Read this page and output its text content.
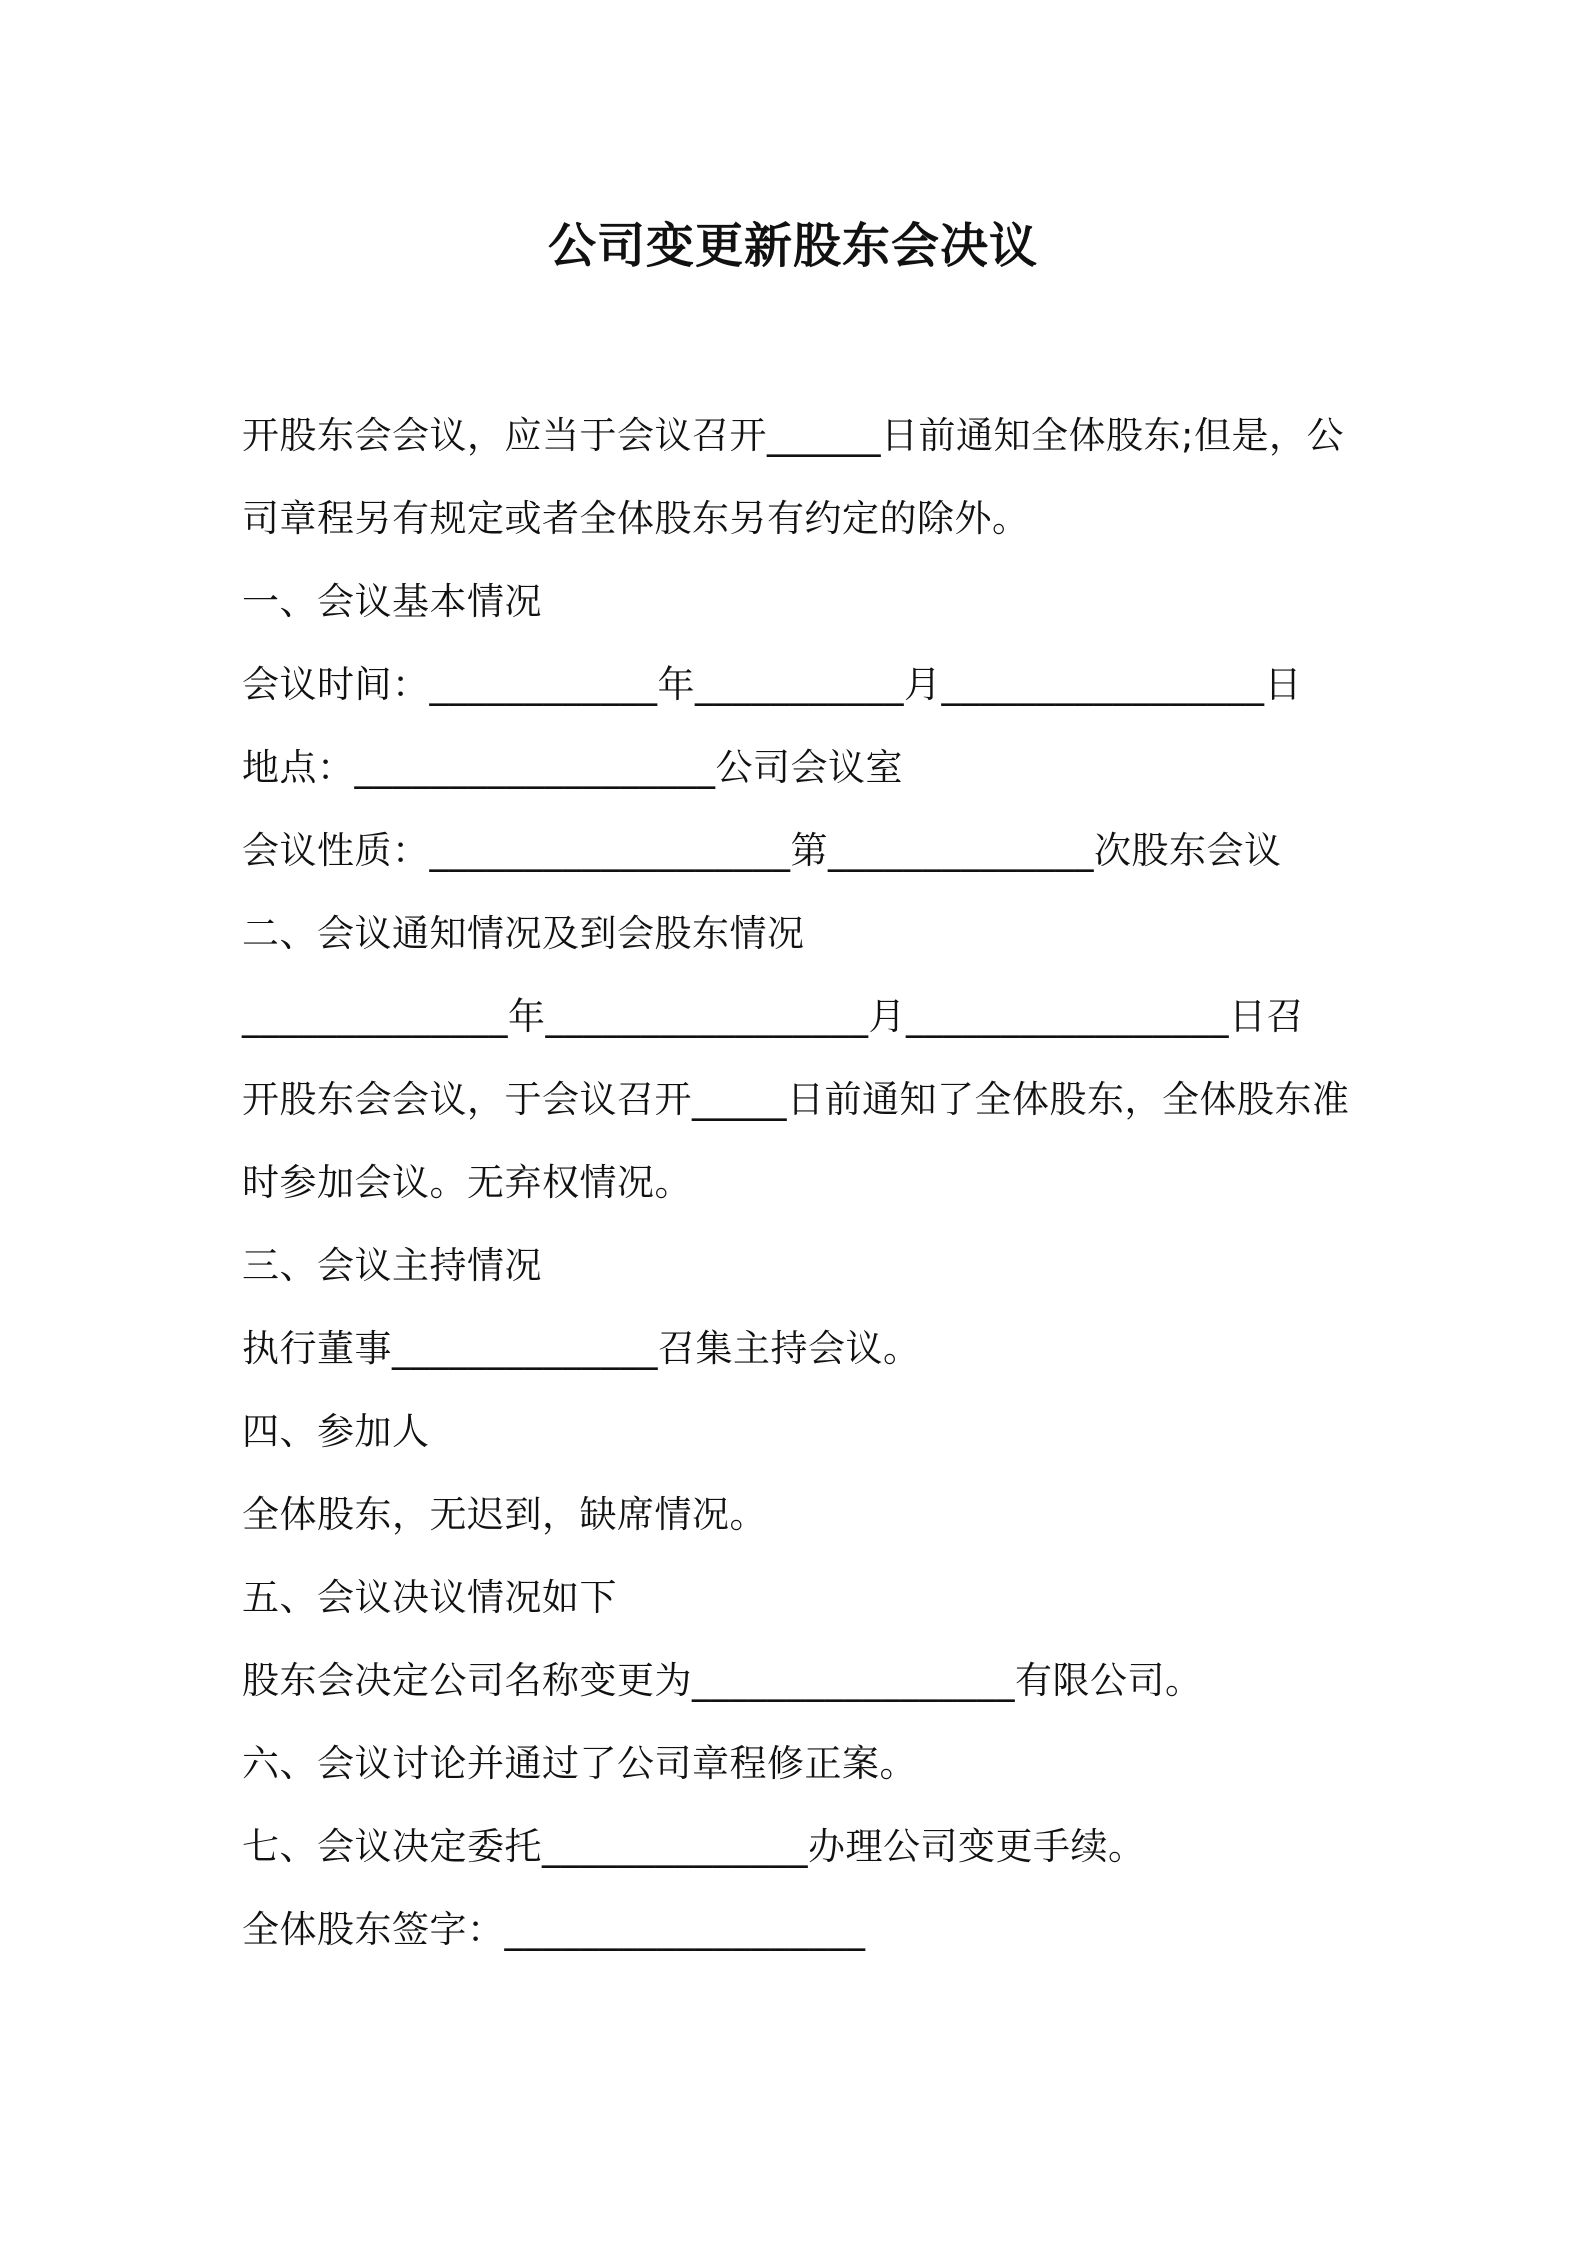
公司变更新股东会决议
开股东会会议，应当于会议召开______日前通知全体股东;但是，公
司章程另有规定或者全体股东另有约定的除外。
一、会议基本情况
会议时间：____________年___________月_________________日
地点：___________________公司会议室
会议性质：___________________第______________次股东会议
二、会议通知情况及到会股东情况
______________年_________________月_________________日召
开股东会会议，于会议召开_____日前通知了全体股东，全体股东准
时参加会议。无弃权情况。
三、会议主持情况
执行董事______________召集主持会议。
四、参加人
全体股东，无迟到，缺席情况。
五、会议决议情况如下
股东会决定公司名称变更为_________________有限公司。
六、会议讨论并通过了公司章程修正案。
七、会议决定委托______________办理公司变更手续。
全体股东签字：___________________
